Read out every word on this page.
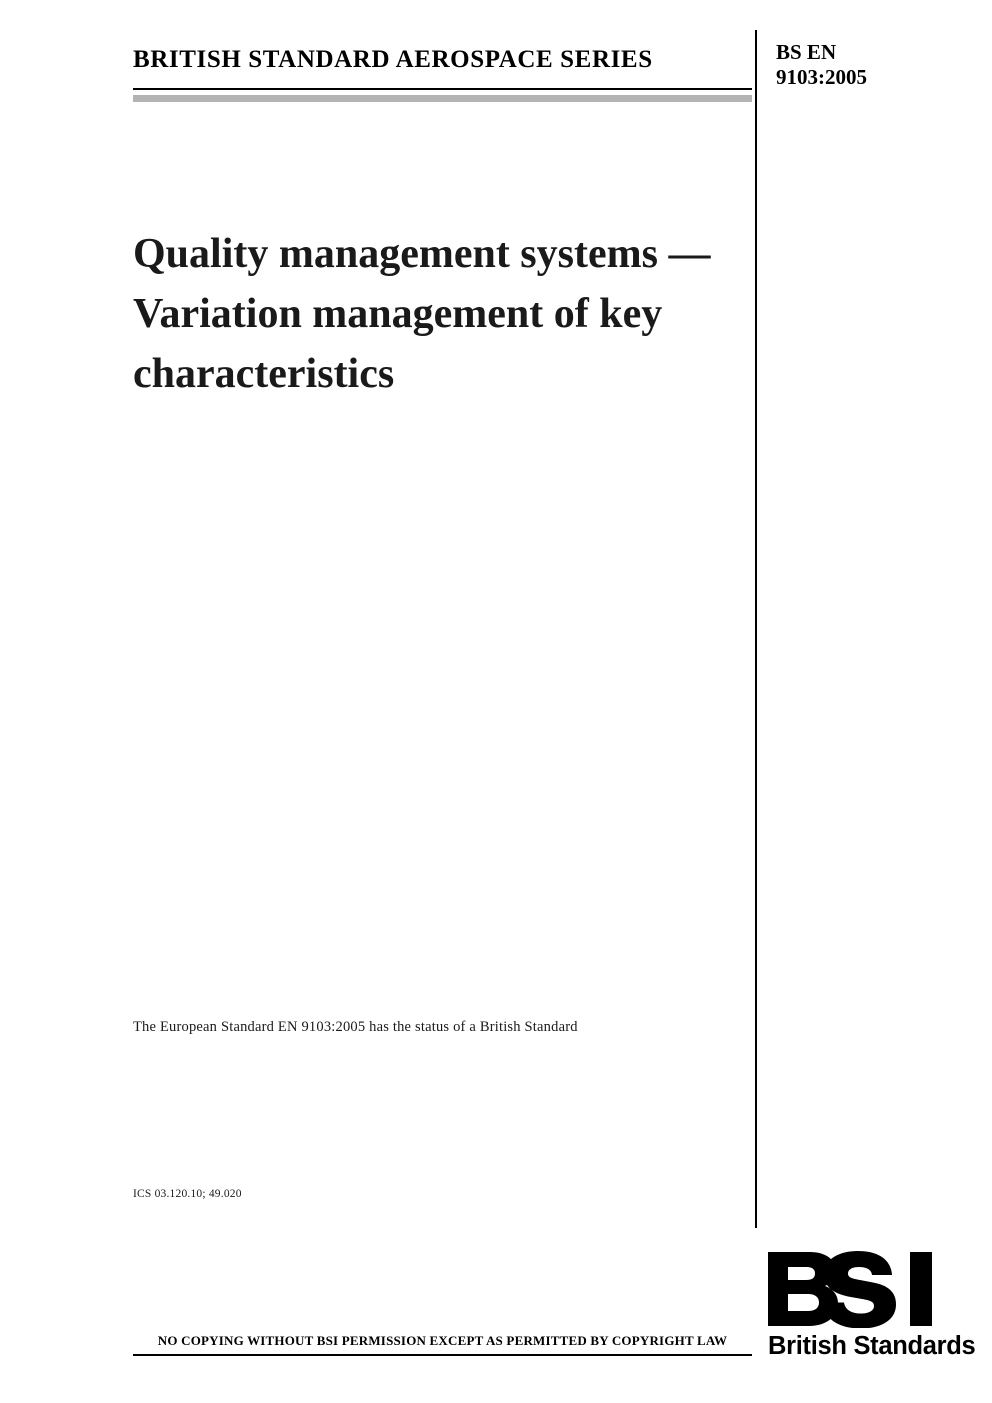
BRITISH STANDARD AEROSPACE SERIES	BS EN
9103:2005
Quality management systems — Variation management of key characteristics
The European Standard EN 9103:2005 has the status of a British Standard
ICS 03.120.10; 49.020
NO COPYING WITHOUT BSI PERMISSION EXCEPT AS PERMITTED BY COPYRIGHT LAW	British Standards
